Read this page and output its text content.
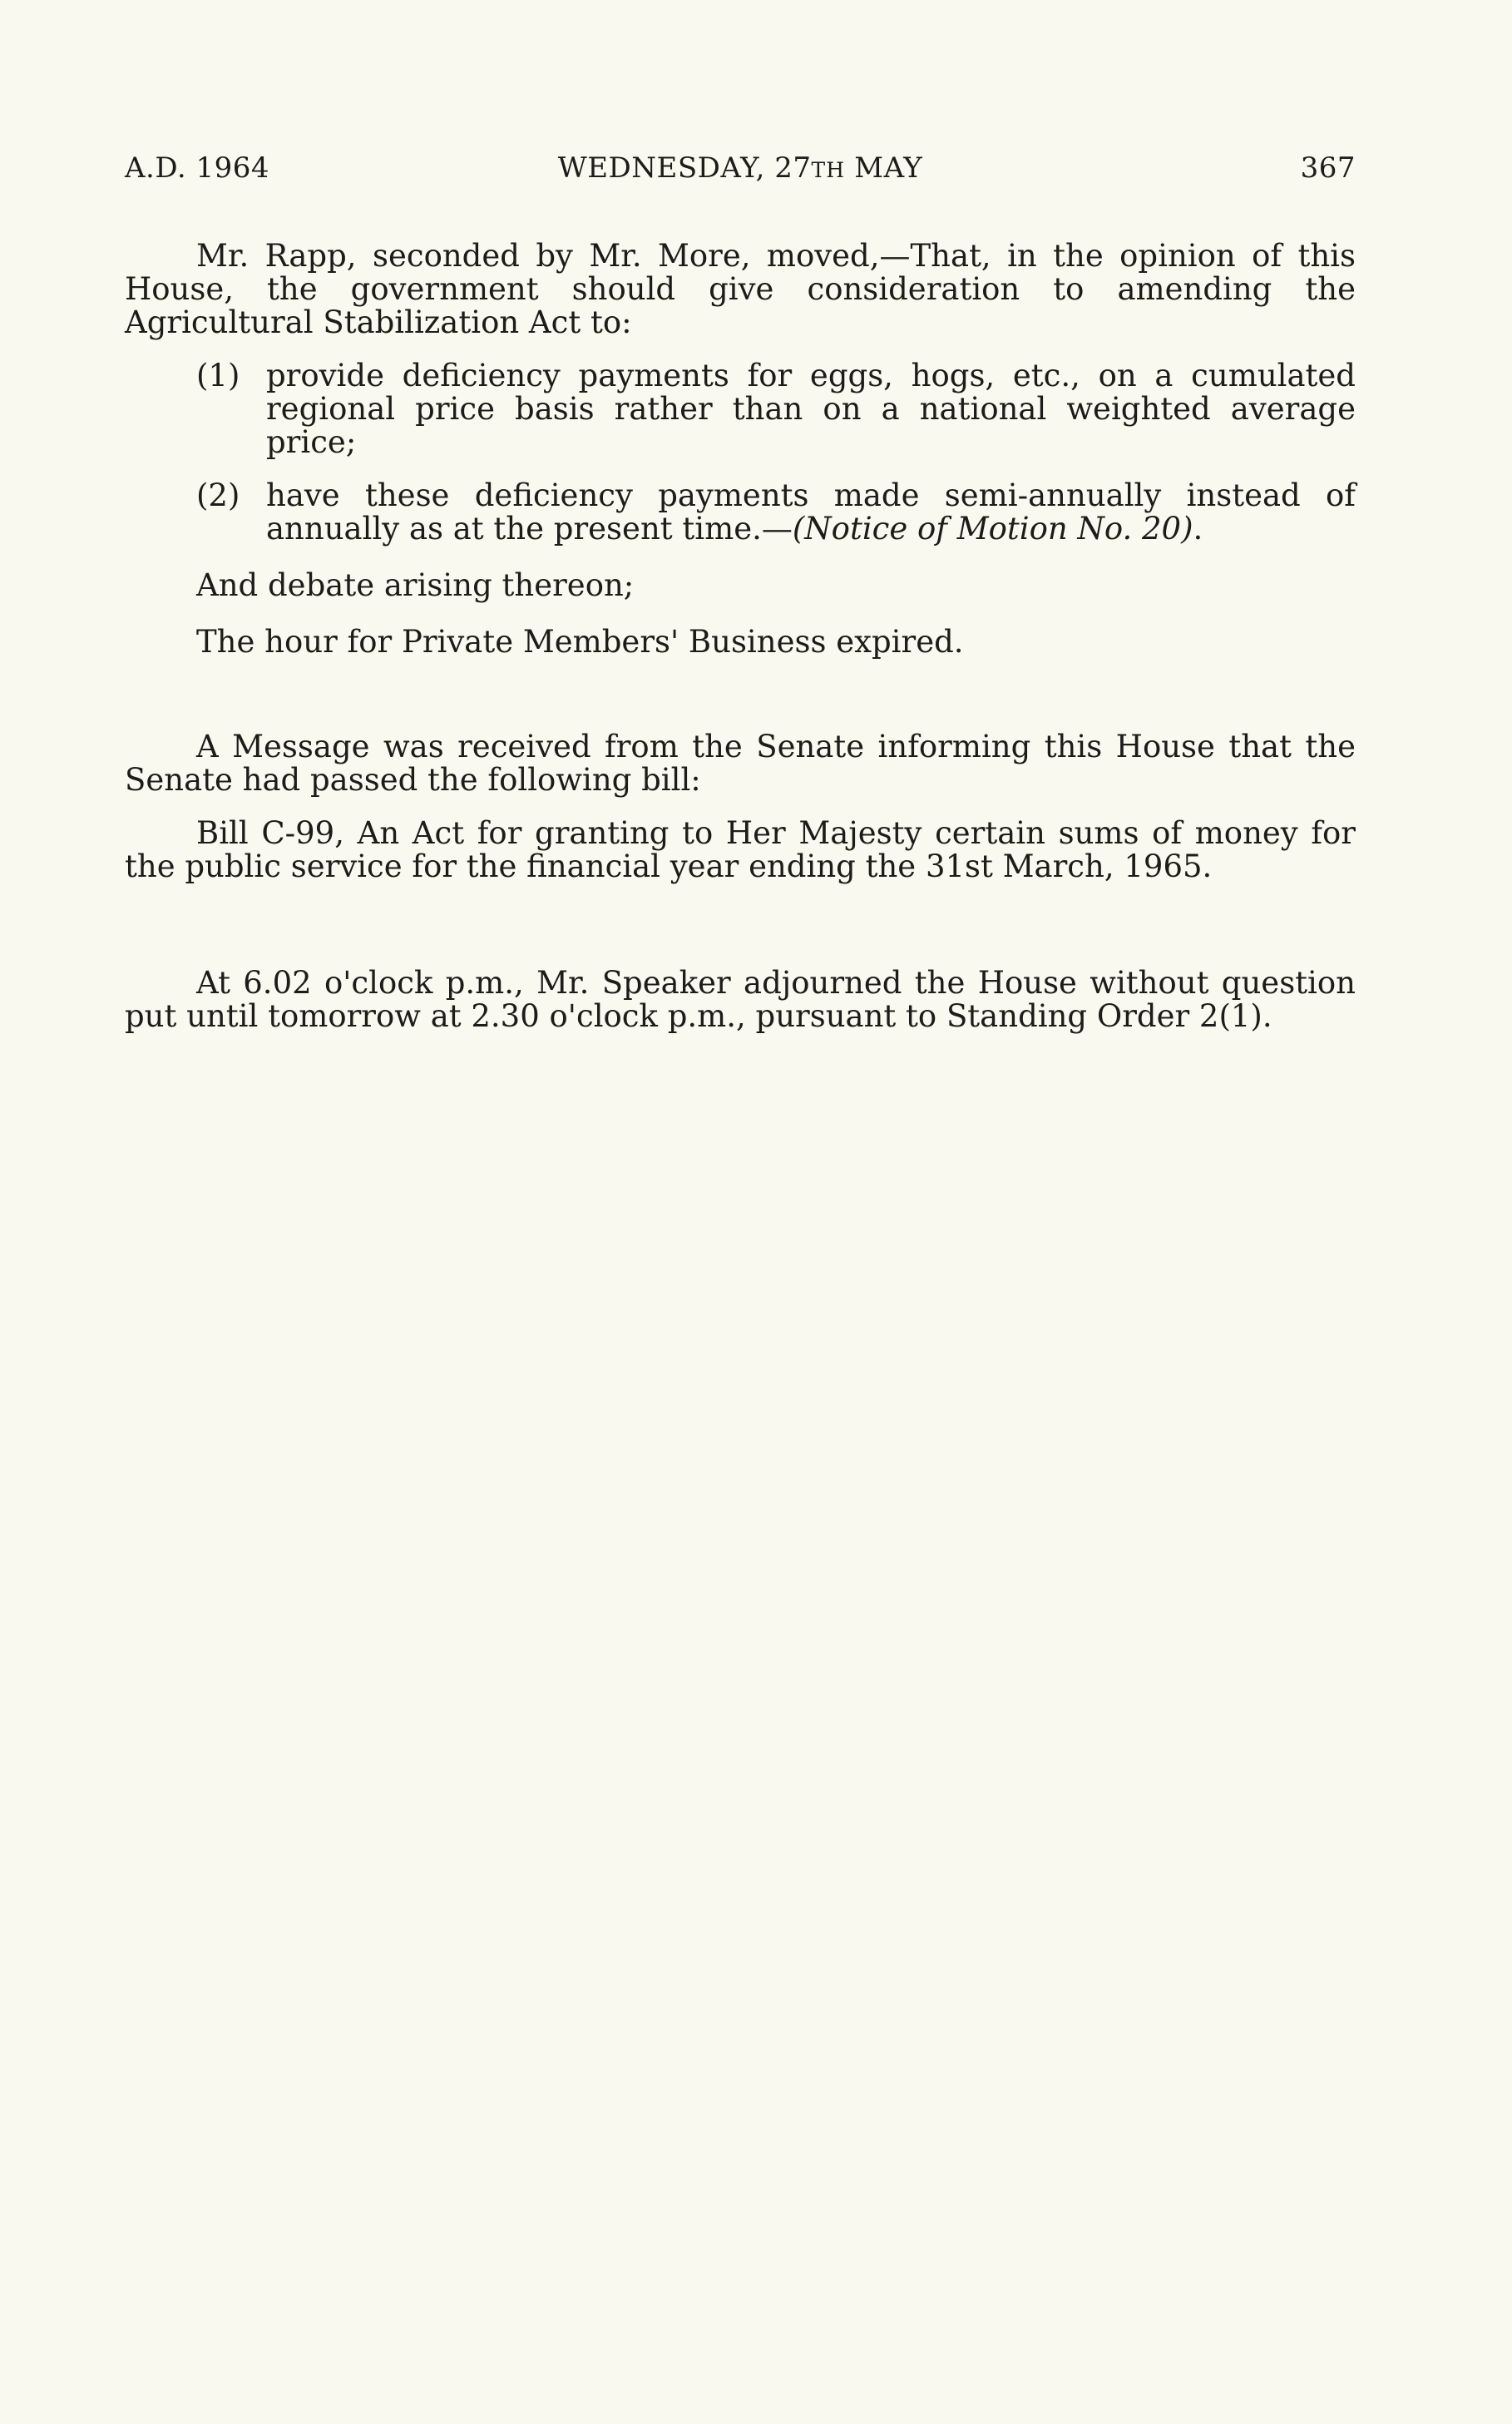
A.D. 1964	WEDNESDAY, 27TH MAY	367

Mr. Rapp, seconded by Mr. More, moved,—That, in the opinion of this House, the government should give consideration to amending the Agricultural Stabilization Act to:

(1) provide deficiency payments for eggs, hogs, etc., on a cumulated regional price basis rather than on a national weighted average price;
(2) have these deficiency payments made semi-annually instead of annually as at the present time.—(Notice of Motion No. 20).

And debate arising thereon;

The hour for Private Members' Business expired.

A Message was received from the Senate informing this House that the Senate had passed the following bill:

Bill C-99, An Act for granting to Her Majesty certain sums of money for the public service for the financial year ending the 31st March, 1965.

At 6.02 o'clock p.m., Mr. Speaker adjourned the House without question put until tomorrow at 2.30 o'clock p.m., pursuant to Standing Order 2(1).
